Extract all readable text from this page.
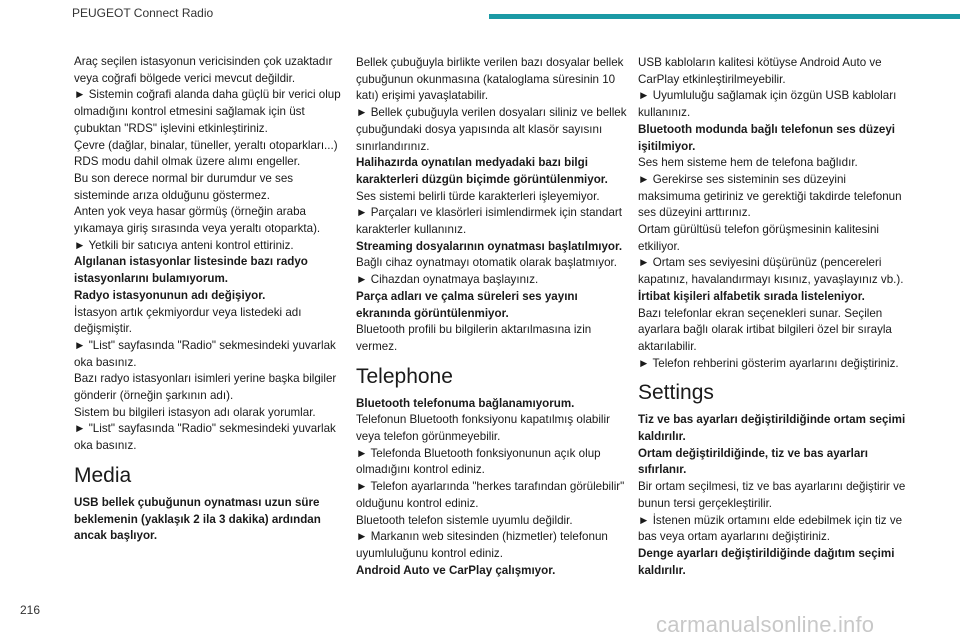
PEUGEOT Connect Radio

Araç seçilen istasyonun vericisinden çok uzaktadır veya coğrafi bölgede verici mevcut değildir.

► Sistemin coğrafi alanda daha güçlü bir verici olup olmadığını kontrol etmesini sağlamak için üst çubuktan "RDS" işlevini etkinleştiriniz.

Çevre (dağlar, binalar, tüneller, yeraltı otoparkları...) RDS modu dahil olmak üzere alımı engeller.

Bu son derece normal bir durumdur ve ses sisteminde arıza olduğunu göstermez.

Anten yok veya hasar görmüş (örneğin araba yıkamaya giriş sırasında veya yeraltı otoparkta).

► Yetkili bir satıcıya anteni kontrol ettiriniz.

Algılanan istasyonlar listesinde bazı radyo istasyonlarını bulamıyorum.

Radyo istasyonunun adı değişiyor.

İstasyon artık çekmiyordur veya listedeki adı değişmiştir.

► "List" sayfasında "Radio" sekmesindeki yuvarlak oka basınız.

Bazı radyo istasyonları isimleri yerine başka bilgiler gönderir (örneğin şarkının adı).

Sistem bu bilgileri istasyon adı olarak yorumlar.

► "List" sayfasında "Radio" sekmesindeki yuvarlak oka basınız.

Media

USB bellek çubuğunun oynatması uzun süre beklemenin (yaklaşık 2 ila 3 dakika) ardından ancak başlıyor.

Bellek çubuğuyla birlikte verilen bazı dosyalar bellek çubuğunun okunmasına (kataloglama süresinin 10 katı) erişimi yavaşlatabilir.

► Bellek çubuğuyla verilen dosyaları siliniz ve bellek çubuğundaki dosya yapısında alt klasör sayısını sınırlandırınız.

Halihazırda oynatılan medyadaki bazı bilgi karakterleri düzgün biçimde görüntülenmiyor.

Ses sistemi belirli türde karakterleri işleyemiyor.

► Parçaları ve klasörleri isimlendirmek için standart karakterler kullanınız.

Streaming dosyalarının oynatması başlatılmıyor.

Bağlı cihaz oynatmayı otomatik olarak başlatmıyor.

► Cihazdan oynatmaya başlayınız.

Parça adları ve çalma süreleri ses yayını ekranında görüntülenmiyor.

Bluetooth profili bu bilgilerin aktarılmasına izin vermez.

Telephone

Bluetooth telefonuma bağlanamıyorum.

Telefonun Bluetooth fonksiyonu kapatılmış olabilir veya telefon görünmeyebilir.

► Telefonda Bluetooth fonksiyonunun açık olup olmadığını kontrol ediniz.

► Telefon ayarlarında "herkes tarafından görülebilir" olduğunu kontrol ediniz.

Bluetooth telefon sistemle uyumlu değildir.

► Markanın web sitesinden (hizmetler) telefonun uyumluluğunu kontrol ediniz.

Android Auto ve CarPlay çalışmıyor.

USB kabloların kalitesi kötüyse Android Auto ve CarPlay etkinleştirilmeyebilir.

► Uyumluluğu sağlamak için özgün USB kabloları kullanınız.

Bluetooth modunda bağlı telefonun ses düzeyi işitilmiyor.

Ses hem sisteme hem de telefona bağlıdır.

► Gerekirse ses sisteminin ses düzeyini maksimuma getiriniz ve gerektiği takdirde telefonun ses düzeyini arttırınız.

Ortam gürültüsü telefon görüşmesinin kalitesini etkiliyor.

► Ortam ses seviyesini düşürünüz (pencereleri kapatınız, havalandırmayı kısınız, yavaşlayınız vb.).

İrtibat kişileri alfabetik sırada listeleniyor.

Bazı telefonlar ekran seçenekleri sunar. Seçilen ayarlara bağlı olarak irtibat bilgileri özel bir sırayla aktarılabilir.

► Telefon rehberini gösterim ayarlarını değiştiriniz.

Settings

Tiz ve bas ayarları değiştirildiğinde ortam seçimi kaldırılır.

Ortam değiştirildiğinde, tiz ve bas ayarları sıfırlanır.

Bir ortam seçilmesi, tiz ve bas ayarlarını değiştirir ve bunun tersi gerçekleştirilir.

► İstenen müzik ortamını elde edebilmek için tiz ve bas veya ortam ayarlarını değiştiriniz.

Denge ayarları değiştirildiğinde dağıtım seçimi kaldırılır.

216
carmanualsonline.info
